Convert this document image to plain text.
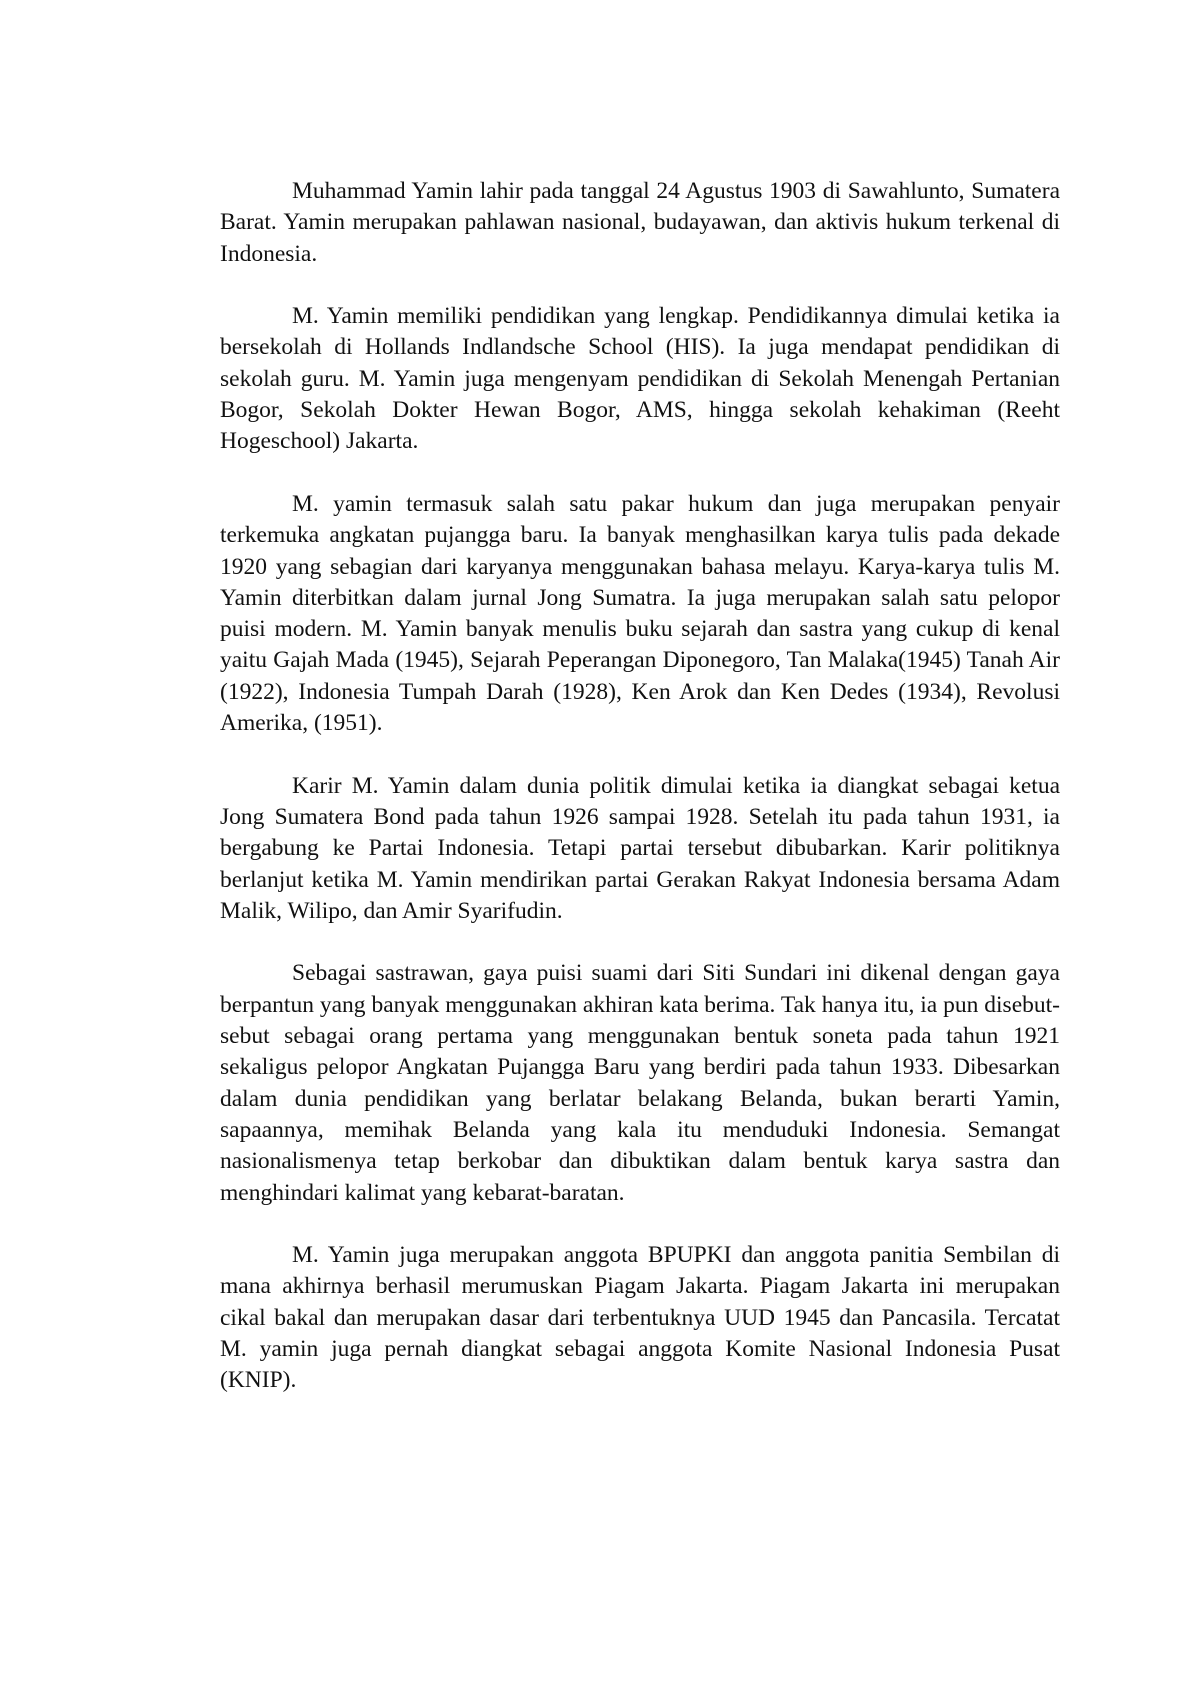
Muhammad Yamin lahir pada tanggal 24 Agustus 1903 di Sawahlunto, Sumatera Barat. Yamin merupakan pahlawan nasional, budayawan, dan aktivis hukum terkenal di Indonesia.

M. Yamin memiliki pendidikan yang lengkap. Pendidikannya dimulai ketika ia bersekolah di Hollands Indlandsche School (HIS). Ia juga mendapat pendidikan di sekolah guru. M. Yamin juga mengenyam pendidikan di Sekolah Menengah Pertanian Bogor, Sekolah Dokter Hewan Bogor, AMS, hingga sekolah kehakiman (Reeht Hogeschool) Jakarta.

M. yamin termasuk salah satu pakar hukum dan juga merupakan penyair terkemuka angkatan pujangga baru. Ia banyak menghasilkan karya tulis pada dekade 1920 yang sebagian dari karyanya menggunakan bahasa melayu. Karya-karya tulis M. Yamin diterbitkan dalam jurnal Jong Sumatra. Ia juga merupakan salah satu pelopor puisi modern. M. Yamin banyak menulis buku sejarah dan sastra yang cukup di kenal yaitu Gajah Mada (1945), Sejarah Peperangan Diponegoro, Tan Malaka(1945) Tanah Air (1922), Indonesia Tumpah Darah (1928), Ken Arok dan Ken Dedes (1934), Revolusi Amerika, (1951).

Karir M. Yamin dalam dunia politik dimulai ketika ia diangkat sebagai ketua Jong Sumatera Bond pada tahun 1926 sampai 1928. Setelah itu pada tahun 1931, ia bergabung ke Partai Indonesia. Tetapi partai tersebut dibubarkan. Karir politiknya berlanjut ketika M. Yamin mendirikan partai Gerakan Rakyat Indonesia bersama Adam Malik, Wilipo, dan Amir Syarifudin.

Sebagai sastrawan, gaya puisi suami dari Siti Sundari ini dikenal dengan gaya berpantun yang banyak menggunakan akhiran kata berima. Tak hanya itu, ia pun disebut-sebut sebagai orang pertama yang menggunakan bentuk soneta pada tahun 1921 sekaligus pelopor Angkatan Pujangga Baru yang berdiri pada tahun 1933. Dibesarkan dalam dunia pendidikan yang berlatar belakang Belanda, bukan berarti Yamin, sapaannya, memihak Belanda yang kala itu menduduki Indonesia. Semangat nasionalismenya tetap berkobar dan dibuktikan dalam bentuk karya sastra dan menghindari kalimat yang kebarat-baratan.

M. Yamin juga merupakan anggota BPUPKI dan anggota panitia Sembilan di mana akhirnya berhasil merumuskan Piagam Jakarta. Piagam Jakarta ini merupakan cikal bakal dan merupakan dasar dari terbentuknya UUD 1945 dan Pancasila. Tercatat M. yamin juga pernah diangkat sebagai anggota Komite Nasional Indonesia Pusat (KNIP).
